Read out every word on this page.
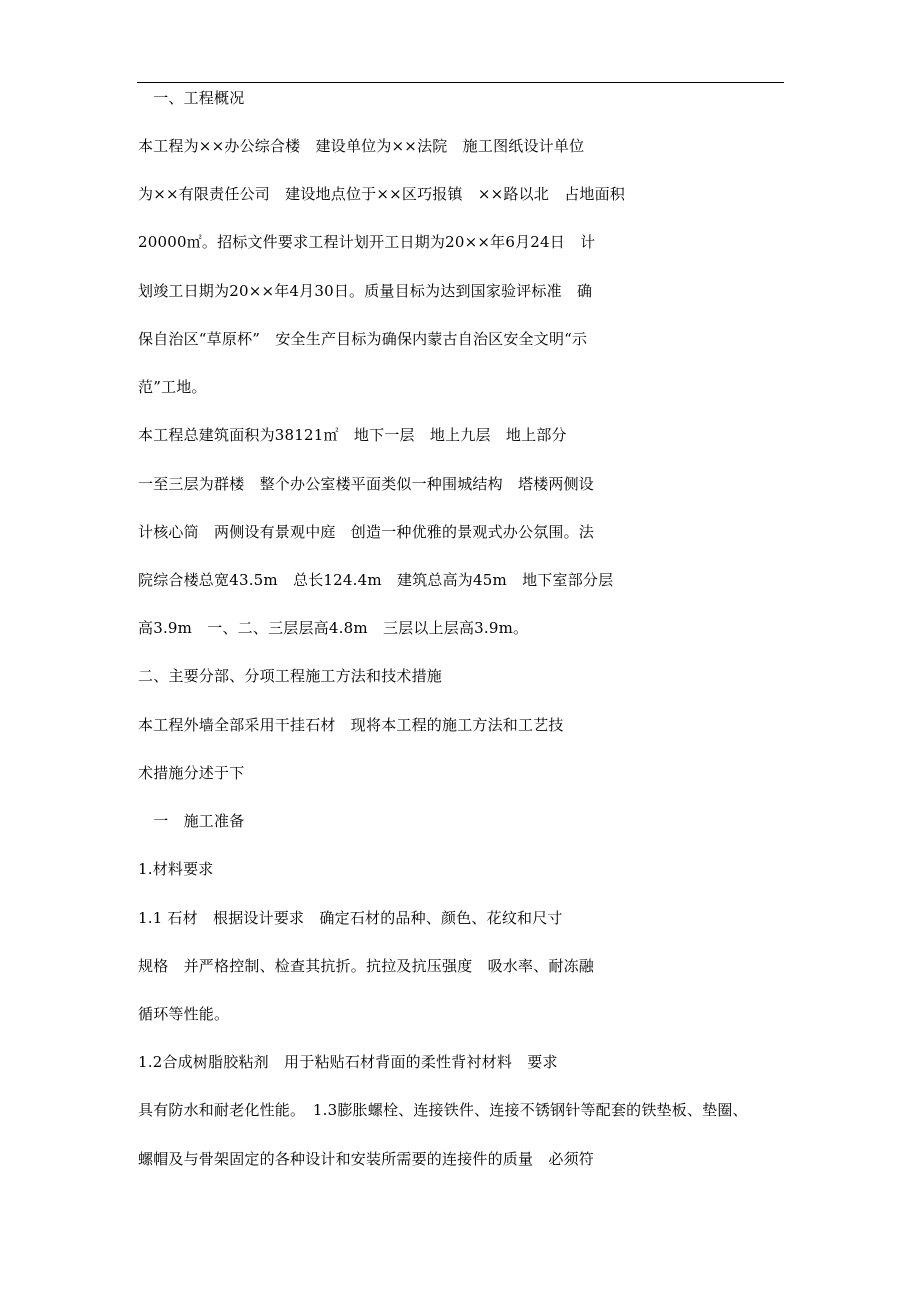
　一、工程概况
本工程为××办公综合楼　建设单位为××法院　施工图纸设计单位
为××有限责任公司　建设地点位于××区巧报镇　××路以北　占地面积
20000㎡。招标文件要求工程计划开工日期为20××年6月24日　计
划竣工日期为20××年4月30日。质量目标为达到国家验评标准　确
保自治区“草原杯”　安全生产目标为确保内蒙古自治区安全文明“示
范”工地。
本工程总建筑面积为38121㎡　地下一层　地上九层　地上部分
一至三层为群楼　整个办公室楼平面类似一种围城结构　塔楼两侧设
计核心筒　两侧设有景观中庭　创造一种优雅的景观式办公氛围。法
院综合楼总宽43.5m　总长124.4m　建筑总高为45m　地下室部分层
高3.9m　一、二、三层层高4.8m　三层以上层高3.9m。
二、主要分部、分项工程施工方法和技术措施
本工程外墙全部采用干挂石材　现将本工程的施工方法和工艺技
术措施分述于下
　一　施工准备
1.材料要求
1.1 石材　根据设计要求　确定石材的品种、颜色、花纹和尺寸
规格　并严格控制、检查其抗折。抗拉及抗压强度　吸水率、耐冻融
循环等性能。
1.2合成树脂胶粘剂　用于粘贴石材背面的柔性背衬材料　要求
具有防水和耐老化性能。　1.3膨胀螺栓、连接铁件、连接不锈钢针等配套的铁垫板、垫圈、
螺帽及与骨架固定的各种设计和安装所需要的连接件的质量　必须符
